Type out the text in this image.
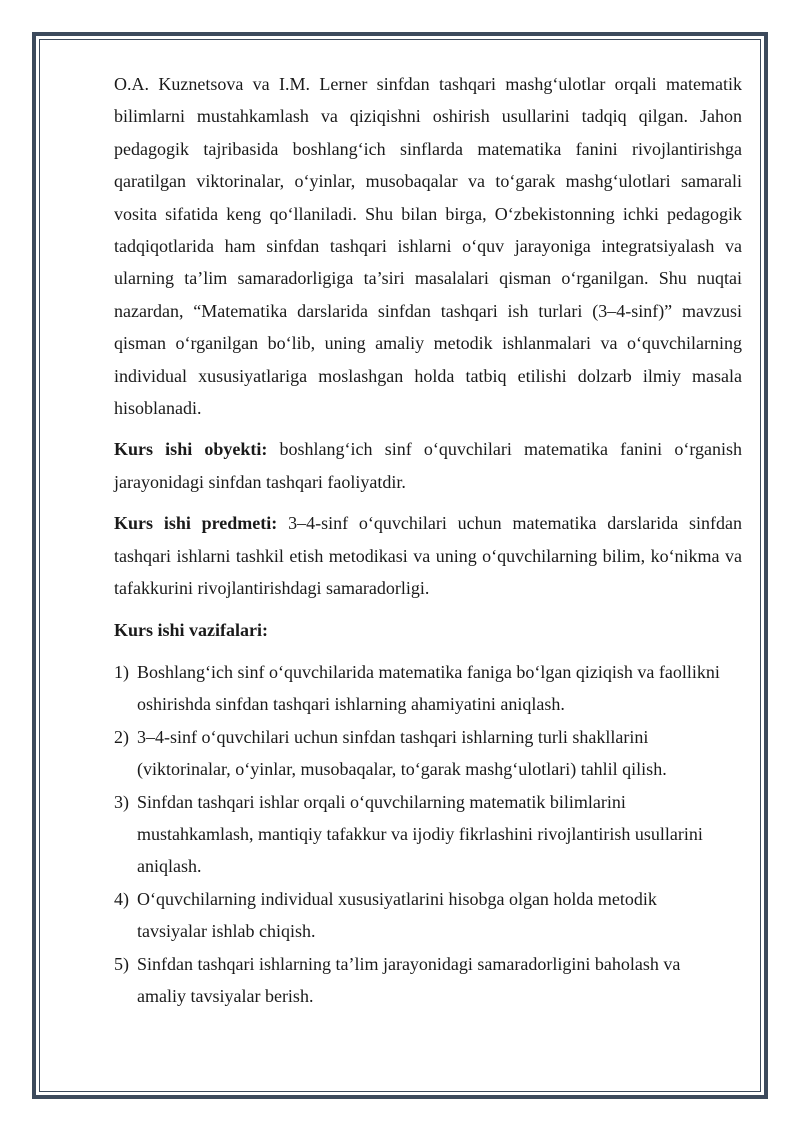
O.A. Kuznetsova va I.M. Lerner sinfdan tashqari mashg‘ulotlar orqali matematik bilimlarni mustahkamlash va qiziqishni oshirish usullarini tadqiq qilgan. Jahon pedagogik tajribasida boshlang‘ich sinflarda matematika fanini rivojlantirishga qaratilgan viktorinalar, o‘yinlar, musobaqalar va to‘garak mashg‘ulotlari samarali vosita sifatida keng qo‘llaniladi. Shu bilan birga, O‘zbekistonning ichki pedagogik tadqiqotlarida ham sinfdan tashqari ishlarni o‘quv jarayoniga integratsiyalash va ularning ta’lim samaradorligiga ta’siri masalalari qisman o‘rganilgan. Shu nuqtai nazardan, “Matematika darslarida sinfdan tashqari ish turlari (3–4-sinf)” mavzusi qisman o‘rganilgan bo‘lib, uning amaliy metodik ishlanmalari va o‘quvchilarning individual xususiyatlariga moslashgan holda tatbiq etilishi dolzarb ilmiy masala hisoblanadi.

Kurs ishi obyekti: boshlang‘ich sinf o‘quvchilari matematika fanini o‘rganish jarayonidagi sinfdan tashqari faoliyatdir.

Kurs ishi predmeti: 3–4-sinf o‘quvchilari uchun matematika darslarida sinfdan tashqari ishlarni tashkil etish metodikasi va uning o‘quvchilarning bilim, ko‘nikma va tafakkurini rivojlantirishdagi samaradorligi.

Kurs ishi vazifalari:

1) Boshlang‘ich sinf o‘quvchilarida matematika faniga bo‘lgan qiziqish va faollikni oshirishda sinfdan tashqari ishlarning ahamiyatini aniqlash.
2) 3–4-sinf o‘quvchilari uchun sinfdan tashqari ishlarning turli shakllarini (viktorinalar, o‘yinlar, musobaqalar, to‘garak mashg‘ulotlari) tahlil qilish.
3) Sinfdan tashqari ishlar orqali o‘quvchilarning matematik bilimlarini mustahkamlash, mantiqiy tafakkur va ijodiy fikrlashini rivojlantirish usullarini aniqlash.
4) O‘quvchilarning individual xususiyatlarini hisobga olgan holda metodik tavsiyalar ishlab chiqish.
5) Sinfdan tashqari ishlarning ta’lim jarayonidagi samaradorligini baholash va amaliy tavsiyalar berish.
